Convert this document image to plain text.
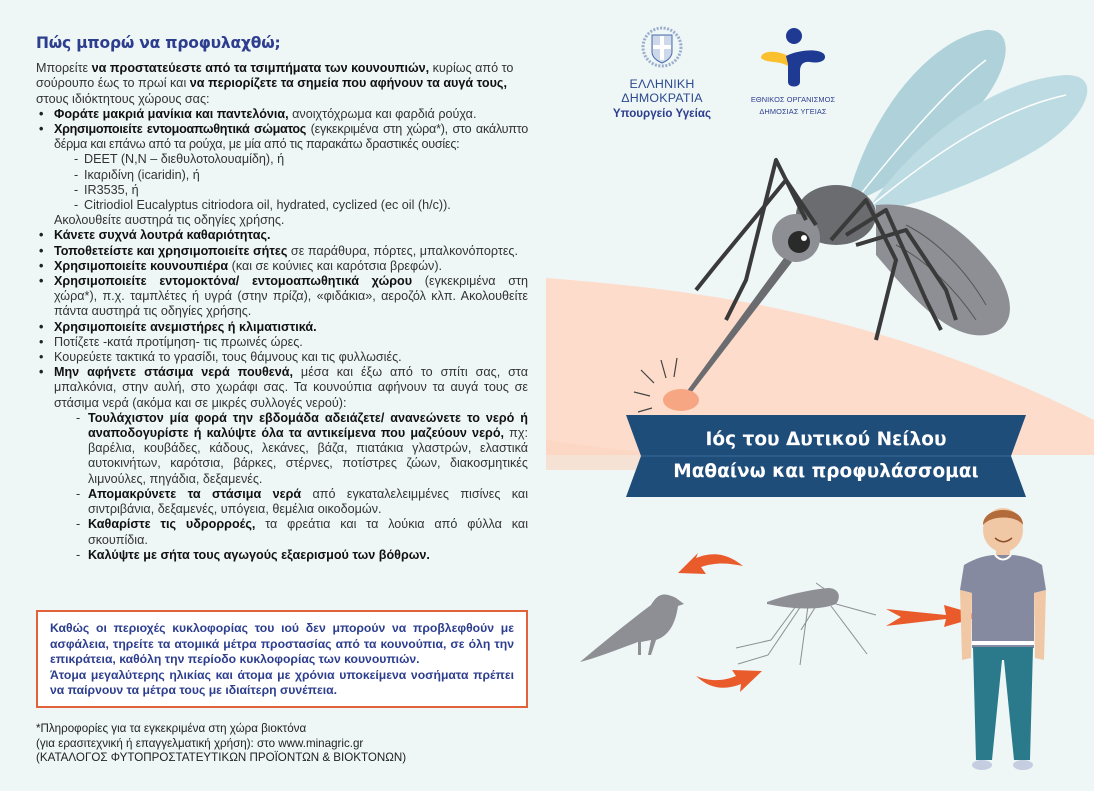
Πώς μπορώ να προφυλαχθώ;
Μπορείτε να προστατεύεστε από τα τσιμπήματα των κουνουπιών, κυρίως από το σούρουπο έως το πρωί και να περιορίζετε τα σημεία που αφήνουν τα αυγά τους, στους ιδιόκτητους χώρους σας:
• Φοράτε μακριά μανίκια και παντελόνια, ανοιχτόχρωμα και φαρδιά ρούχα.
• Χρησιμοποιείτε εντομοαπωθητικά σώματος (εγκεκριμένα στη χώρα*), στο ακάλυπτο δέρμα και επάνω από τα ρούχα, με μία από τις παρακάτω δραστικές ουσίες:
- DEET (N,N – διεθυλοτολουαμίδη), ή
- Ικαριδίνη (icaridin), ή
- IR3535, ή
- Citriodiol Eucalyptus citriodora oil, hydrated, cyclized (ec oil (h/c)).
Ακολουθείτε αυστηρά τις οδηγίες χρήσης.
• Κάνετε συχνά λουτρά καθαριότητας.
• Τοποθετείστε και χρησιμοποιείτε σήτες σε παράθυρα, πόρτες, μπαλκονόπορτες.
• Χρησιμοποιείτε κουνουπιέρα (και σε κούνιες και καρότσια βρεφών).
• Χρησιμοποιείτε εντομοκτόνα/ εντομοαπωθητικά χώρου (εγκεκριμένα στη χώρα*), π.χ. ταμπλέτες ή υγρά (στην πρίζα), «φιδάκια», αεροζόλ κλπ. Ακολουθείτε πάντα αυστηρά τις οδηγίες χρήσης.
• Χρησιμοποιείτε ανεμιστήρες ή κλιματιστικά.
• Ποτίζετε -κατά προτίμηση- τις πρωινές ώρες.
• Κουρεύετε τακτικά το γρασίδι, τους θάμνους και τις φυλλωσιές.
• Μην αφήνετε στάσιμα νερά πουθενά, μέσα και έξω από το σπίτι σας, στα μπαλκόνια, στην αυλή, στο χωράφι σας. Τα κουνούπια αφήνουν τα αυγά τους σε στάσιμα νερά (ακόμα και σε μικρές συλλογές νερού):
- Τουλάχιστον μία φορά την εβδομάδα αδειάζετε/ ανανεώνετε το νερό ή αναποδογυρίστε ή καλύψτε όλα τα αντικείμενα που μαζεύουν νερό, πχ: βαρέλια, κουβάδες, κάδους, λεκάνες, βάζα, πιατάκια γλαστρών, ελαστικά αυτοκινήτων, καρότσια, βάρκες, στέρνες, ποτίστρες ζώων, διακοσμητικές λιμνούλες, πηγάδια, δεξαμενές.
- Απομακρύνετε τα στάσιμα νερά από εγκαταλελειμμένες πισίνες και σιντριβάνια, δεξαμενές, υπόγεια, θεμέλια οικοδομών.
- Καθαρίστε τις υδρορροές, τα φρεάτια και τα λούκια από φύλλα και σκουπίδια.
- Καλύψτε με σήτα τους αγωγούς εξαερισμού των βόθρων.
Καθώς οι περιοχές κυκλοφορίας του ιού δεν μπορούν να προβλεφθούν με ασφάλεια, τηρείτε τα ατομικά μέτρα προστασίας από τα κουνούπια, σε όλη την επικράτεια, καθόλη την περίοδο κυκλοφορίας των κουνουπιών.
Άτομα μεγαλύτερης ηλικίας και άτομα με χρόνια υποκείμενα νοσήματα πρέπει να παίρνουν τα μέτρα τους με ιδιαίτερη συνέπεια.
*Πληροφορίες για τα εγκεκριμένα στη χώρα βιοκτόνα
(για ερασιτεχνική ή επαγγελματική χρήση): στο www.minagric.gr
(ΚΑΤΑΛΟΓΟΣ ΦΥΤΟΠΡΟΣΤΑΤΕΥΤΙΚΩΝ ΠΡΟΪΟΝΤΩΝ & ΒΙΟΚΤΟΝΩΝ)
ΕΛΛΗΝΙΚΗ ΔΗΜΟΚΡΑΤΙΑ
Υπουργείο Υγείας
ΕΘΝΙΚΟΣ ΟΡΓΑΝΙΣΜΟΣ
ΔΗΜΟΣΙΑΣ ΥΓΕΙΑΣ
Ιός του Δυτικού Νείλου
Μαθαίνω και προφυλάσσομαι
